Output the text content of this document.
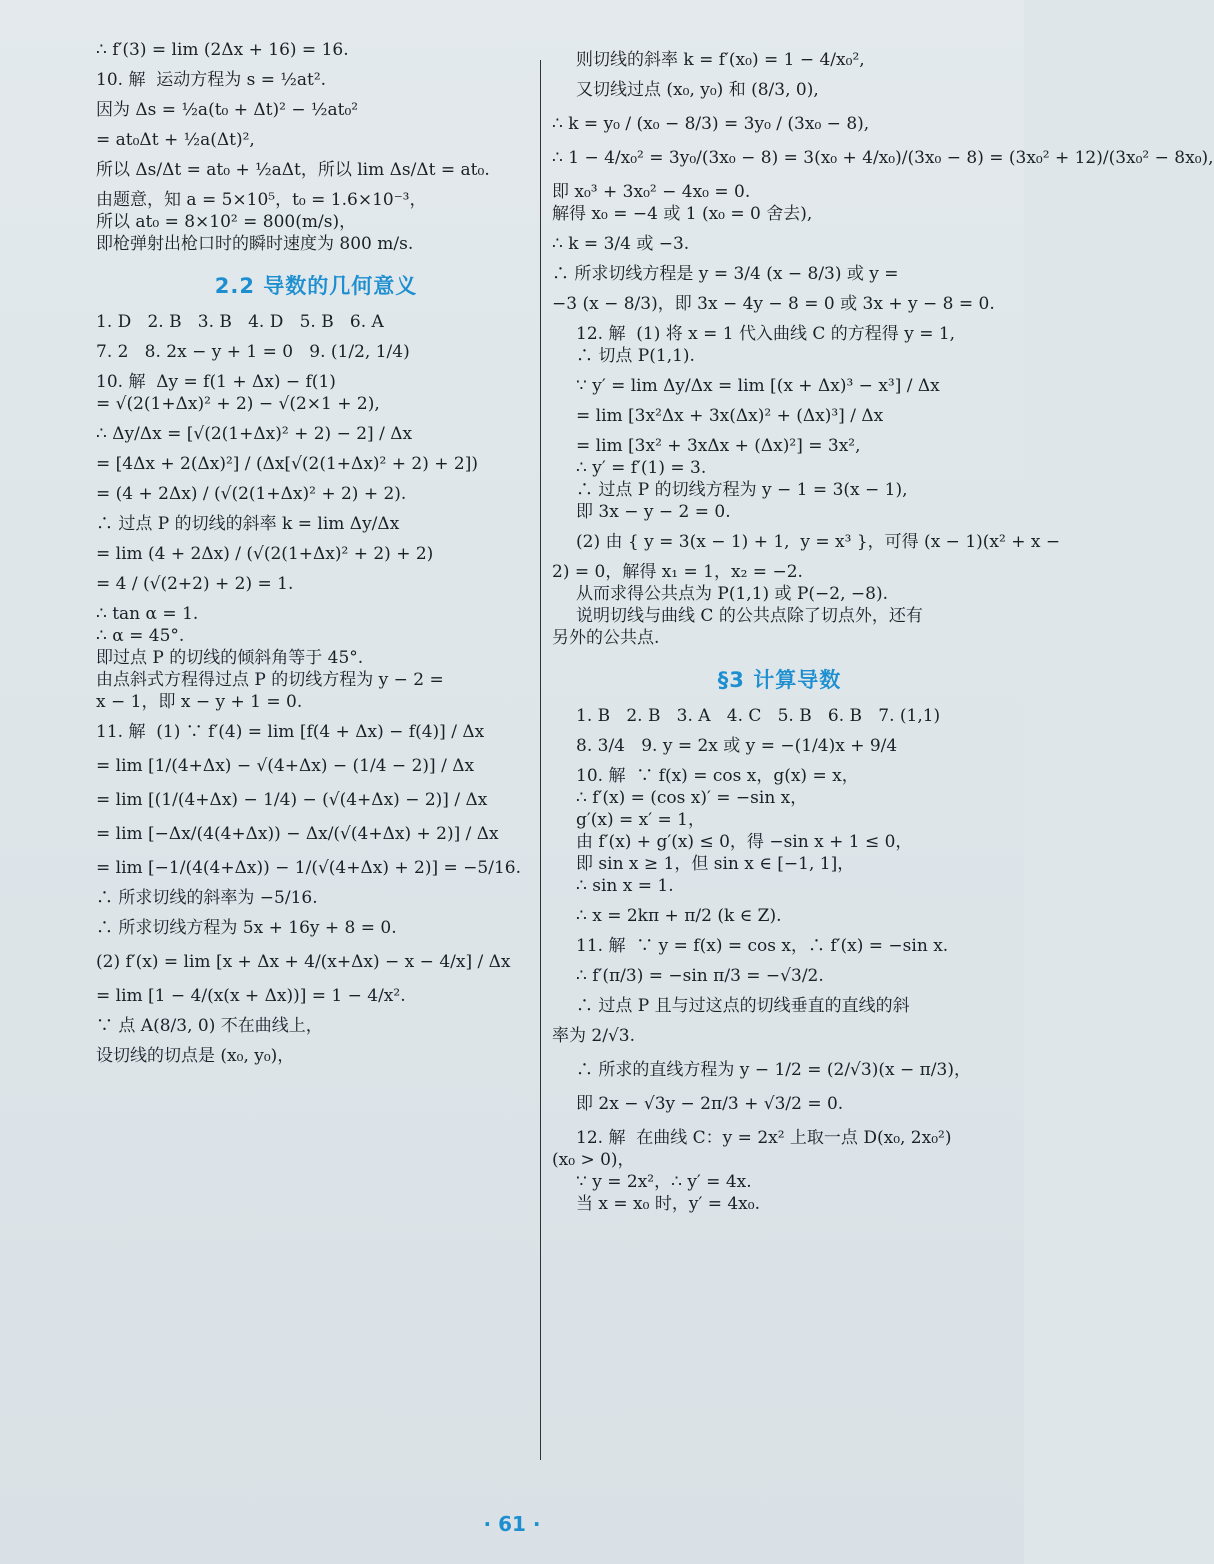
∴ f′(3) = lim (2Δx + 16) = 16.
10. 解  运动方程为 s = ½at².
因为 Δs = ½a(t₀ + Δt)² − ½at₀²
= at₀Δt + ½a(Δt)²,
所以 Δs/Δt = at₀ + ½aΔt，所以 lim Δs/Δt = at₀.
由题意，知 a = 5×10⁵，t₀ = 1.6×10⁻³，
所以 at₀ = 8×10² = 800(m/s)，
即枪弹射出枪口时的瞬时速度为 800 m/s.
2.2 导数的几何意义
1. D   2. B   3. B   4. D   5. B   6. A
7. 2   8. 2x − y + 1 = 0   9. (1/2, 1/4)
10. 解  Δy = f(1 + Δx) − f(1)
= √(2(1+Δx)² + 2) − √(2×1 + 2),
∴ Δy/Δx = [√(2(1+Δx)² + 2) − 2] / Δx
= [4Δx + 2(Δx)²] / (Δx[√(2(1+Δx)² + 2) + 2])
= (4 + 2Δx) / (√(2(1+Δx)² + 2) + 2).
∴ 过点 P 的切线的斜率 k = lim Δy/Δx
= lim (4 + 2Δx) / (√(2(1+Δx)² + 2) + 2)
= 4 / (√(2+2) + 2) = 1.
∴ tan α = 1.
∴ α = 45°.
即过点 P 的切线的倾斜角等于 45°.
由点斜式方程得过点 P 的切线方程为 y − 2 =
x − 1，即 x − y + 1 = 0.
11. 解  (1) ∵ f′(4) = lim [f(4 + Δx) − f(4)] / Δx
= lim [1/(4+Δx) − √(4+Δx) − (1/4 − 2)] / Δx
= lim [(1/(4+Δx) − 1/4) − (√(4+Δx) − 2)] / Δx
= lim [−Δx/(4(4+Δx)) − Δx/(√(4+Δx) + 2)] / Δx
= lim [−1/(4(4+Δx)) − 1/(√(4+Δx) + 2)] = −5/16.
∴ 所求切线的斜率为 −5/16.
∴ 所求切线方程为 5x + 16y + 8 = 0.
(2) f′(x) = lim [x + Δx + 4/(x+Δx) − x − 4/x] / Δx
= lim [1 − 4/(x(x + Δx))] = 1 − 4/x².
∵ 点 A(8/3, 0) 不在曲线上，
设切线的切点是 (x₀, y₀)，
则切线的斜率 k = f′(x₀) = 1 − 4/x₀²,
又切线过点 (x₀, y₀) 和 (8/3, 0),
∴ k = y₀ / (x₀ − 8/3) = 3y₀ / (3x₀ − 8),
∴ 1 − 4/x₀² = 3y₀/(3x₀ − 8) = 3(x₀ + 4/x₀)/(3x₀ − 8) = (3x₀² + 12)/(3x₀² − 8x₀),
即 x₀³ + 3x₀² − 4x₀ = 0.
解得 x₀ = −4 或 1 (x₀ = 0 舍去),
∴ k = 3/4 或 −3.
∴ 所求切线方程是 y = 3/4 (x − 8/3) 或 y =
−3 (x − 8/3)，即 3x − 4y − 8 = 0 或 3x + y − 8 = 0.
12. 解  (1) 将 x = 1 代入曲线 C 的方程得 y = 1,
∴ 切点 P(1,1).
∵ y′ = lim Δy/Δx = lim [(x + Δx)³ − x³] / Δx
= lim [3x²Δx + 3x(Δx)² + (Δx)³] / Δx
= lim [3x² + 3xΔx + (Δx)²] = 3x²,
∴ y′ = f′(1) = 3.
∴ 过点 P 的切线方程为 y − 1 = 3(x − 1),
即 3x − y − 2 = 0.
(2) 由 { y = 3(x − 1) + 1,  y = x³ }，可得 (x − 1)(x² + x −
2) = 0，解得 x₁ = 1，x₂ = −2.
从而求得公共点为 P(1,1) 或 P(−2, −8).
说明切线与曲线 C 的公共点除了切点外，还有
另外的公共点.
§3 计算导数
1. B   2. B   3. A   4. C   5. B   6. B   7. (1,1)
8. 3/4   9. y = 2x 或 y = −(1/4)x + 9/4
10. 解  ∵ f(x) = cos x，g(x) = x，
∴ f′(x) = (cos x)′ = −sin x，
g′(x) = x′ = 1，
由 f′(x) + g′(x) ≤ 0，得 −sin x + 1 ≤ 0，
即 sin x ≥ 1，但 sin x ∈ [−1, 1]，
∴ sin x = 1.
∴ x = 2kπ + π/2 (k ∈ Z).
11. 解  ∵ y = f(x) = cos x，∴ f′(x) = −sin x.
∴ f′(π/3) = −sin π/3 = −√3/2.
∴ 过点 P 且与过这点的切线垂直的直线的斜
率为 2/√3.
∴ 所求的直线方程为 y − 1/2 = (2/√3)(x − π/3)，
即 2x − √3y − 2π/3 + √3/2 = 0.
12. 解  在曲线 C：y = 2x² 上取一点 D(x₀, 2x₀²)
(x₀ > 0)，
∵ y = 2x²，∴ y′ = 4x.
当 x = x₀ 时，y′ = 4x₀.
· 61 ·
